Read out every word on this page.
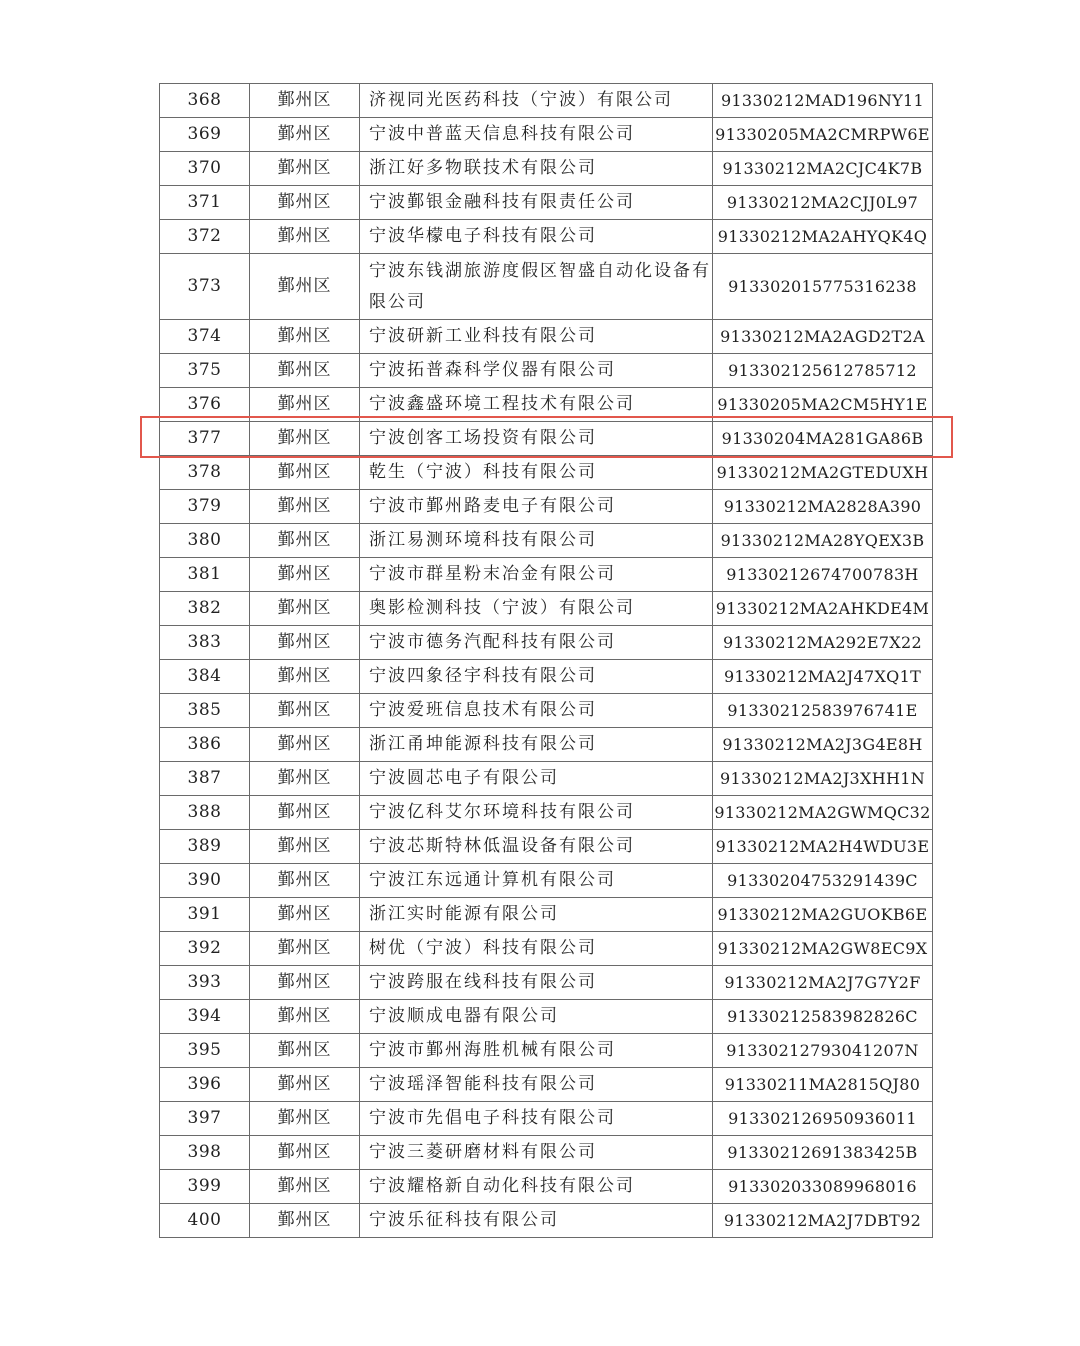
368	鄞州区	济视同光医药科技（宁波）有限公司	91330212MAD196NY11
369	鄞州区	宁波中普蓝天信息科技有限公司	91330205MA2CMRPW6E
370	鄞州区	浙江好多物联技术有限公司	91330212MA2CJC4K7B
371	鄞州区	宁波鄞银金融科技有限责任公司	91330212MA2CJJ0L97
372	鄞州区	宁波华檬电子科技有限公司	91330212MA2AHYQK4Q
373	鄞州区	宁波东钱湖旅游度假区智盛自动化设备有限公司	913302015775316238
374	鄞州区	宁波研新工业科技有限公司	91330212MA2AGD2T2A
375	鄞州区	宁波拓普森科学仪器有限公司	913302125612785712
376	鄞州区	宁波鑫盛环境工程技术有限公司	91330205MA2CM5HY1E
377	鄞州区	宁波创客工场投资有限公司	91330204MA281GA86B
378	鄞州区	乾生（宁波）科技有限公司	91330212MA2GTEDUXH
379	鄞州区	宁波市鄞州路麦电子有限公司	91330212MA2828A390
380	鄞州区	浙江易测环境科技有限公司	91330212MA28YQEX3B
381	鄞州区	宁波市群星粉末冶金有限公司	91330212674700783H
382	鄞州区	奥影检测科技（宁波）有限公司	91330212MA2AHKDE4M
383	鄞州区	宁波市德务汽配科技有限公司	91330212MA292E7X22
384	鄞州区	宁波四象径宇科技有限公司	91330212MA2J47XQ1T
385	鄞州区	宁波爱班信息技术有限公司	91330212583976741E
386	鄞州区	浙江甬坤能源科技有限公司	91330212MA2J3G4E8H
387	鄞州区	宁波圆芯电子有限公司	91330212MA2J3XHH1N
388	鄞州区	宁波亿科艾尔环境科技有限公司	91330212MA2GWMQC32
389	鄞州区	宁波芯斯特林低温设备有限公司	91330212MA2H4WDU3E
390	鄞州区	宁波江东远通计算机有限公司	91330204753291439C
391	鄞州区	浙江实时能源有限公司	91330212MA2GUOKB6E
392	鄞州区	树优（宁波）科技有限公司	91330212MA2GW8EC9X
393	鄞州区	宁波跨服在线科技有限公司	91330212MA2J7G7Y2F
394	鄞州区	宁波顺成电器有限公司	91330212583982826C
395	鄞州区	宁波市鄞州海胜机械有限公司	91330212793041207N
396	鄞州区	宁波瑶泽智能科技有限公司	91330211MA2815QJ80
397	鄞州区	宁波市先倡电子科技有限公司	913302126950936011
398	鄞州区	宁波三菱研磨材料有限公司	91330212691383425B
399	鄞州区	宁波耀格新自动化科技有限公司	913302033089968016
400	鄞州区	宁波乐征科技有限公司	91330212MA2J7DBT92
